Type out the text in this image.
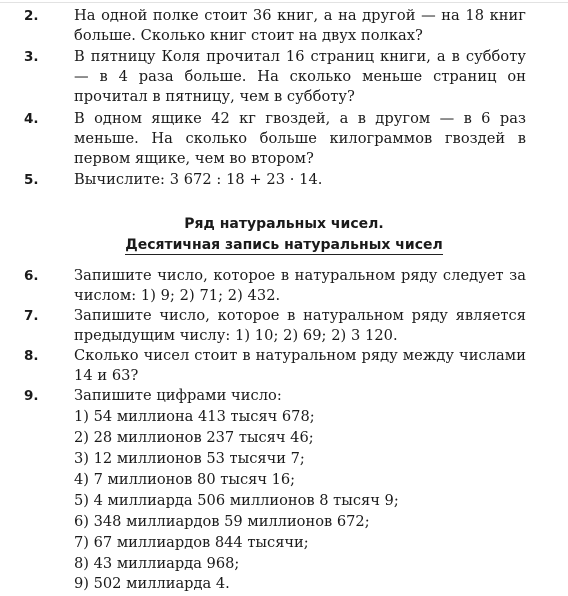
2. На одной полке стоит 36 книг, а на другой — на 18 книг больше. Сколько книг стоит на двух полках?
3. В пятницу Коля прочитал 16 страниц книги, а в субботу — в 4 раза больше. На сколько меньше страниц он прочитал в пятницу, чем в субботу?
4. В одном ящике 42 кг гвоздей, а в другом — в 6 раз меньше. На сколько больше килограммов гвоздей в первом ящике, чем во втором?
5. Вычислите: 3 672 : 18 + 23 · 14.
Ряд натуральных чисел.
Десятичная запись натуральных чисел
6. Запишите число, которое в натуральном ряду следует за числом: 1) 9; 2) 71; 2) 432.
7. Запишите число, которое в натуральном ряду является предыдущим числу: 1) 10; 2) 69; 2) 3 120.
8. Сколько чисел стоит в натуральном ряду между числами 14 и 63?
9. Запишите цифрами число:
1) 54 миллиона 413 тысяч 678;
2) 28 миллионов 237 тысяч 46;
3) 12 миллионов 53 тысячи 7;
4) 7 миллионов 80 тысяч 16;
5) 4 миллиарда 506 миллионов 8 тысяч 9;
6) 348 миллиардов 59 миллионов 672;
7) 67 миллиардов 844 тысячи;
8) 43 миллиарда 968;
9) 502 миллиарда 4.
